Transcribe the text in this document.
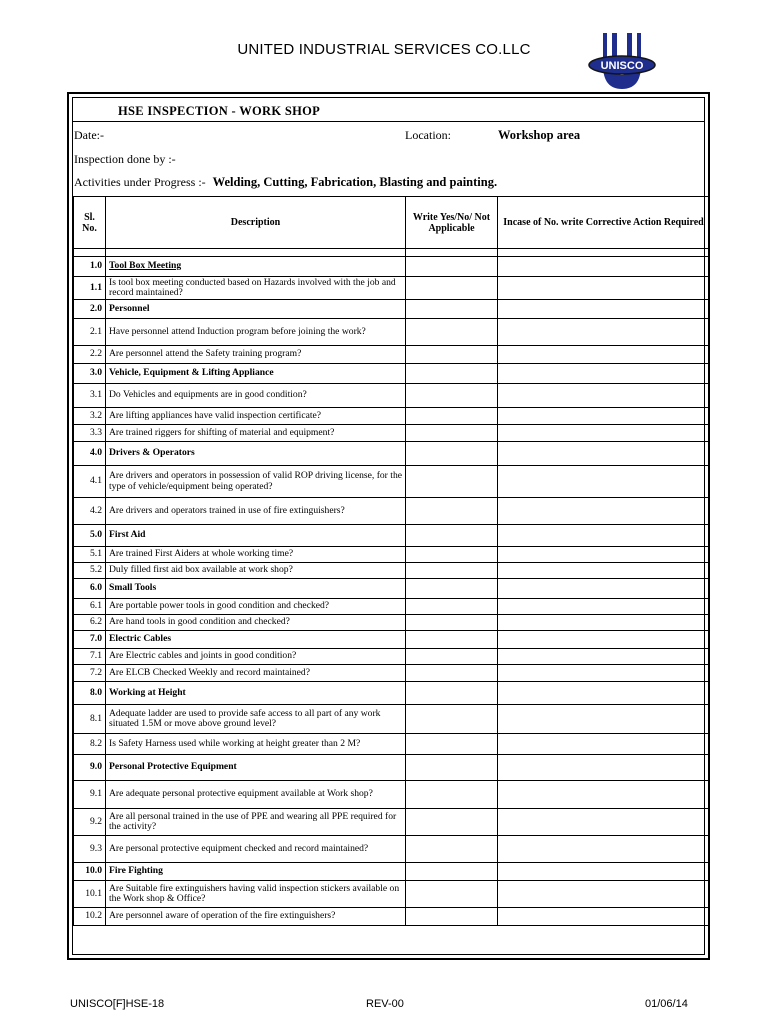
UNITED INDUSTRIAL SERVICES CO.LLC
UNISCO
HSE INSPECTION - WORK SHOP
Date:-	Location:	Workshop area
Inspection done by :-
Activities under Progress :- Welding, Cutting, Fabrication, Blasting and painting.
Sl. No.	Description	Write Yes/No/ Not Applicable	Incase of No. write Corrective Action Required

1.0	Tool Box Meeting		
1.1	Is tool box meeting conducted based on Hazards involved with the job and record maintained?		
2.0	Personnel		
2.1	Have personnel attend Induction program before joining the work?		
2.2	Are personnel attend the Safety training program?		
3.0	Vehicle, Equipment & Lifting Appliance		
3.1	Do Vehicles and equipments are in good condition?		
3.2	Are lifting appliances have valid inspection certificate?		
3.3	Are trained riggers for shifting of material and equipment?		
4.0	Drivers & Operators		
4.1	Are drivers and operators in possession of valid ROP driving license, for the type of vehicle/equipment being operated?		
4.2	Are drivers and operators trained in use of fire extinguishers?		
5.0	First Aid		
5.1	Are trained First Aiders at whole working time?		
5.2	Duly filled first aid box available at work shop?		
6.0	Small Tools		
6.1	Are portable power tools in good condition and checked?		
6.2	Are hand tools in good condition and checked?		
7.0	Electric Cables		
7.1	Are Electric cables and joints in good condition?		
7.2	Are ELCB Checked Weekly and record maintained?		
8.0	Working at Height		
8.1	Adequate ladder are used to provide safe access to all part of any work situated 1.5M or move above ground level?		
8.2	Is Safety Harness used while working at height greater than 2 M?		
9.0	Personal Protective Equipment		
9.1	Are adequate personal protective equipment available at Work shop?		
9.2	Are all personal trained in the use of PPE and wearing all PPE required for the activity?		
9.3	Are personal protective equipment checked and record maintained?		
10.0	Fire Fighting		
10.1	Are Suitable fire extinguishers having valid inspection stickers available on the Work shop & Office?		
10.2	Are personnel aware of operation of the fire extinguishers?		
UNISCO[F]HSE-18	REV-00	01/06/14
